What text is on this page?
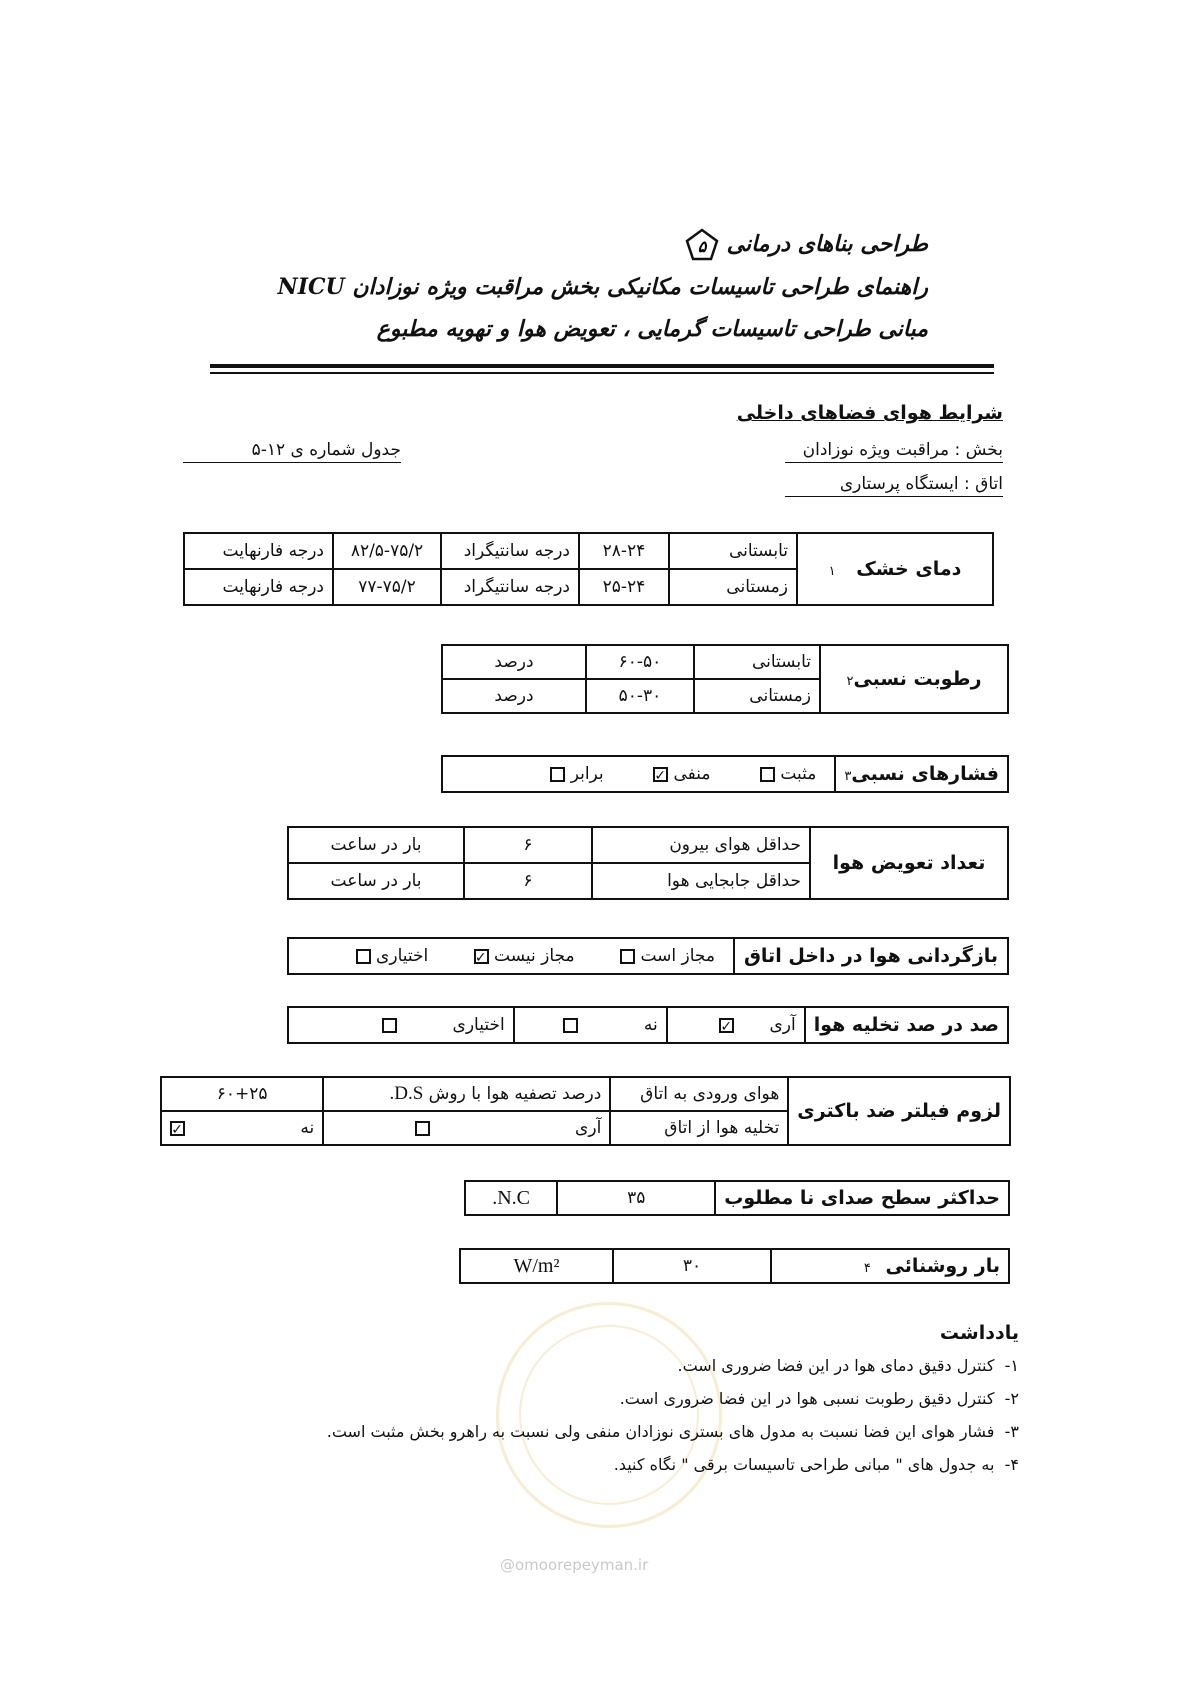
طراحی بناهای درمانی
۵
راهنمای طراحی تاسیسات مکانیکی بخش مراقبت ویژه نوزادان NICU
مبانی طراحی تاسیسات گرمایی ، تعویض هوا و تهویه مطبوع
شرایط هوای فضاهای داخلی
جدول شماره ی ۱۲-۵	بخش : مراقبت ویژه نوزادان
اتاق : ایستگاه پرستاری
دمای خشک ۱	تابستانی	۲۸-۲۴	درجه سانتیگراد	۸۲/۵-۷۵/۲	درجه فارنهایت
	زمستانی	۲۵-۲۴	درجه سانتیگراد	۷۷-۷۵/۲	درجه فارنهایت
رطوبت نسبی۲	تابستانی	۶۰-۵۰	درصد
	زمستانی	۵۰-۳۰	درصد
فشارهای نسبی۳	مثبت  منفی ✓ برابر
تعداد تعویض هوا	حداقل هوای بیرون	۶	بار در ساعت
	حداقل جابجایی هوا	۶	بار در ساعت
بازگردانی هوا در داخل اتاق	مجاز است  مجاز نیست ✓ اختیاری
صد در صد تخلیه هوا	آری ✓	نه	اختیاری
لزوم فیلتر ضد باکتری	هوای ورودی به اتاق	درصد تصفیه هوا با روش D.S.	۶۰+۲۵
	تخلیه هوا از اتاق	آری	نه ✓
حداکثر سطح صدای نا مطلوب	۳۵	N.C.
بار روشنائی ۴	۳۰	W/m²
یادداشت
۱-  کنترل دقیق دمای هوا در این فضا ضروری است.
۲-  کنترل دقیق رطوبت نسبی هوا در این فضا ضروری است.
۳-  فشار هوای این فضا نسبت به مدول های بستری نوزادان منفی ولی نسبت به راهرو بخش مثبت است.
۴-  به جدول های " مبانی طراحی تاسیسات برقی " نگاه کنید.
@omoorepeyman.ir
